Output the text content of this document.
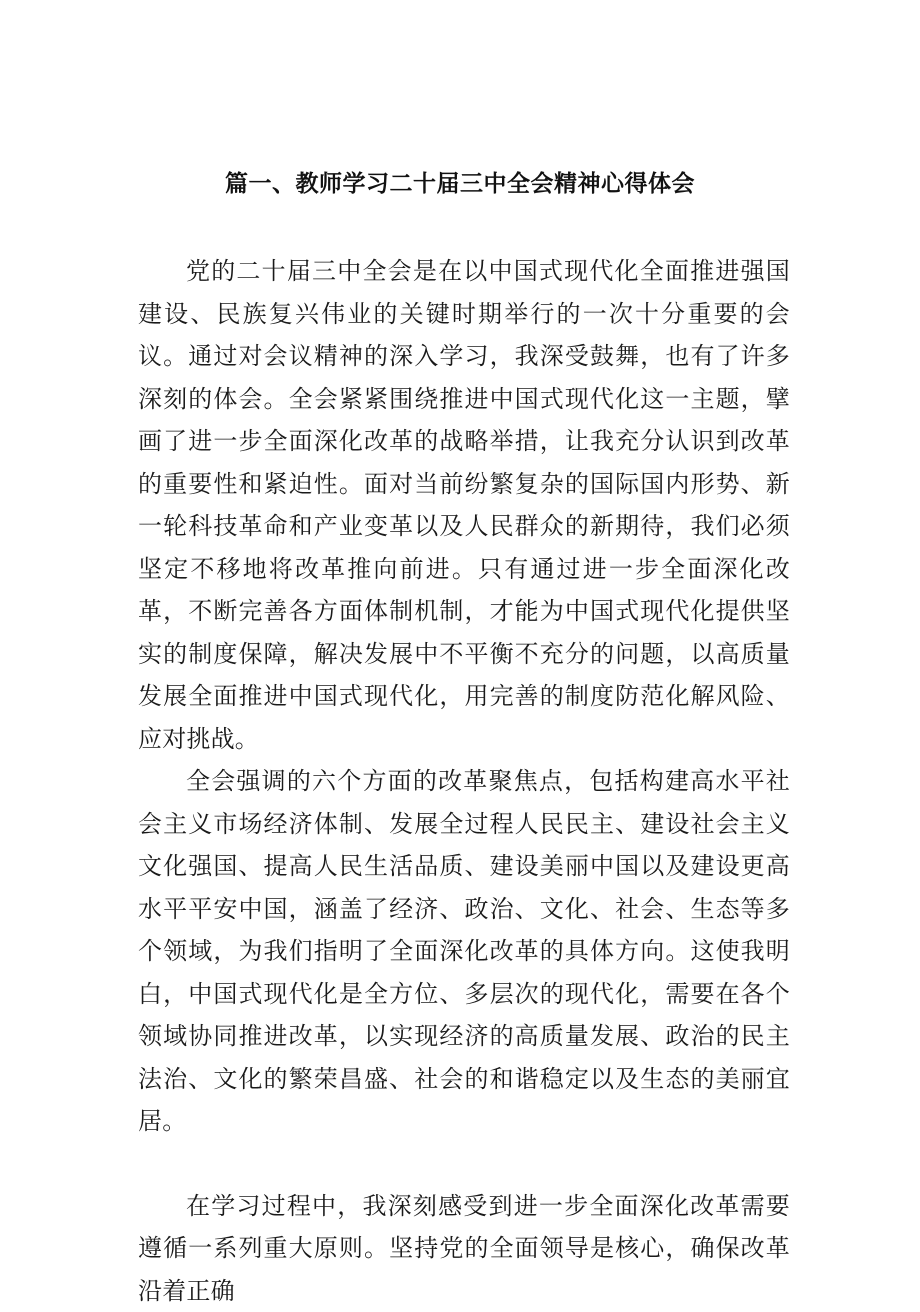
篇一、教师学习二十届三中全会精神心得体会

党的二十届三中全会是在以中国式现代化全面推进强国建设、民族复兴伟业的关键时期举行的一次十分重要的会议。通过对会议精神的深入学习，我深受鼓舞，也有了许多深刻的体会。全会紧紧围绕推进中国式现代化这一主题，擘画了进一步全面深化改革的战略举措，让我充分认识到改革的重要性和紧迫性。面对当前纷繁复杂的国际国内形势、新一轮科技革命和产业变革以及人民群众的新期待，我们必须坚定不移地将改革推向前进。只有通过进一步全面深化改革，不断完善各方面体制机制，才能为中国式现代化提供坚实的制度保障，解决发展中不平衡不充分的问题，以高质量发展全面推进中国式现代化，用完善的制度防范化解风险、应对挑战。

全会强调的六个方面的改革聚焦点，包括构建高水平社会主义市场经济体制、发展全过程人民民主、建设社会主义文化强国、提高人民生活品质、建设美丽中国以及建设更高水平平安中国，涵盖了经济、政治、文化、社会、生态等多个领域，为我们指明了全面深化改革的具体方向。这使我明白，中国式现代化是全方位、多层次的现代化，需要在各个领域协同推进改革，以实现经济的高质量发展、政治的民主法治、文化的繁荣昌盛、社会的和谐稳定以及生态的美丽宜居。

在学习过程中，我深刻感受到进一步全面深化改革需要遵循一系列重大原则。坚持党的全面领导是核心，确保改革沿着正确
